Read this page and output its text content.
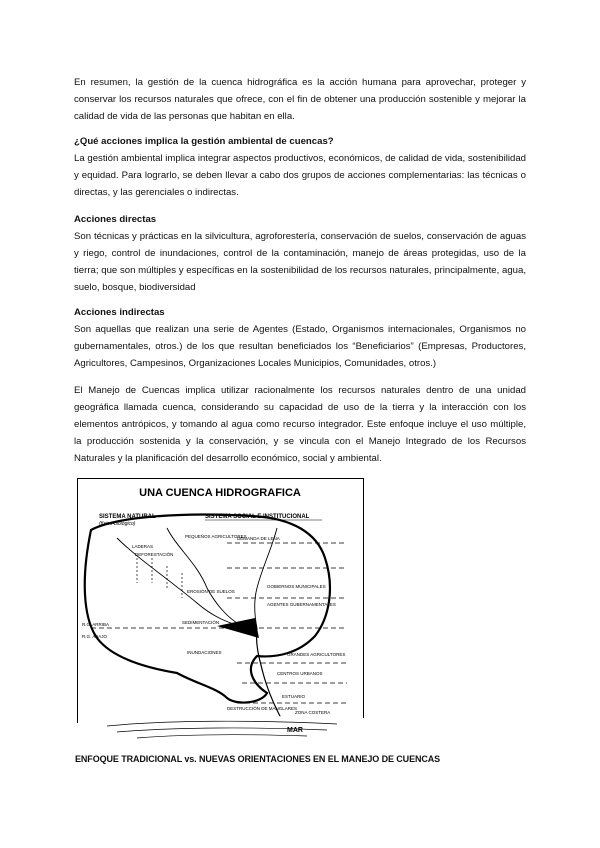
En resumen, la gestión de la cuenca hidrográfica es la acción humana para aprovechar, proteger y conservar los recursos naturales que ofrece, con el fin de obtener una producción sostenible y mejorar la calidad de vida de las personas que habitan en ella.

¿Qué acciones implica la gestión ambiental de cuencas?

La gestión ambiental implica integrar aspectos productivos, económicos, de calidad de vida, sostenibilidad y equidad. Para lograrlo, se deben llevar a cabo dos grupos de acciones complementarias: las técnicas o directas, y las gerenciales o indirectas.

Acciones directas

Son técnicas y prácticas en la silvicultura, agroforestería, conservación de suelos, conservación de aguas y riego, control de inundaciones, control de la contaminación, manejo de áreas protegidas, uso de la tierra; que son múltiples y específicas en la sostenibilidad de los recursos naturales, principalmente, agua, suelo, bosque, biodiversidad

Acciones indirectas

Son aquellas que realizan una serie de Agentes (Estado, Organismos internacionales, Organismos no gubernamentales, otros.) de los que resultan beneficiados los “Beneficiarios” (Empresas, Productores, Agricultores, Campesinos, Organizaciones Locales Municipios, Comunidades, otros.)

El Manejo de Cuencas implica utilizar racionalmente los recursos naturales dentro de una unidad geográfica llamada cuenca, considerando su capacidad de uso de la tierra y la interacción con los elementos antrópicos, y tomando al agua como recurso integrador. Este enfoque incluye el uso múltiple, la producción sostenida y la conservación, y se vincula con el Manejo Integrado de los Recursos Naturales y la planificación del desarrollo económico, social y ambiental.

UNA CUENCA HIDROGRAFICA
SISTEMA NATURAL
(físico-biológico)
SISTEMA SOCIAL E INSTITUCIONAL
DEMANDA DE LEÑA
PEQUEÑOS AGRICULTORES
LADERAS
DEFORESTACIÓN
EROSIÓN DE SUELOS
GOBIERNOS MUNICIPALES
AGENTES GUBERNAMENTALES
SEDIMENTACIÓN
R.G. ARRIBA
R.G. ABAJO
GRANDES AGRICULTORES
INUNDACIONES
CENTROS URBANOS
ESTUARIO
ZONA COSTERA
DESTRUCCIÓN DE MANGLARES
MAR

ENFOQUE TRADICIONAL vs. NUEVAS ORIENTACIONES EN EL MANEJO DE CUENCAS
